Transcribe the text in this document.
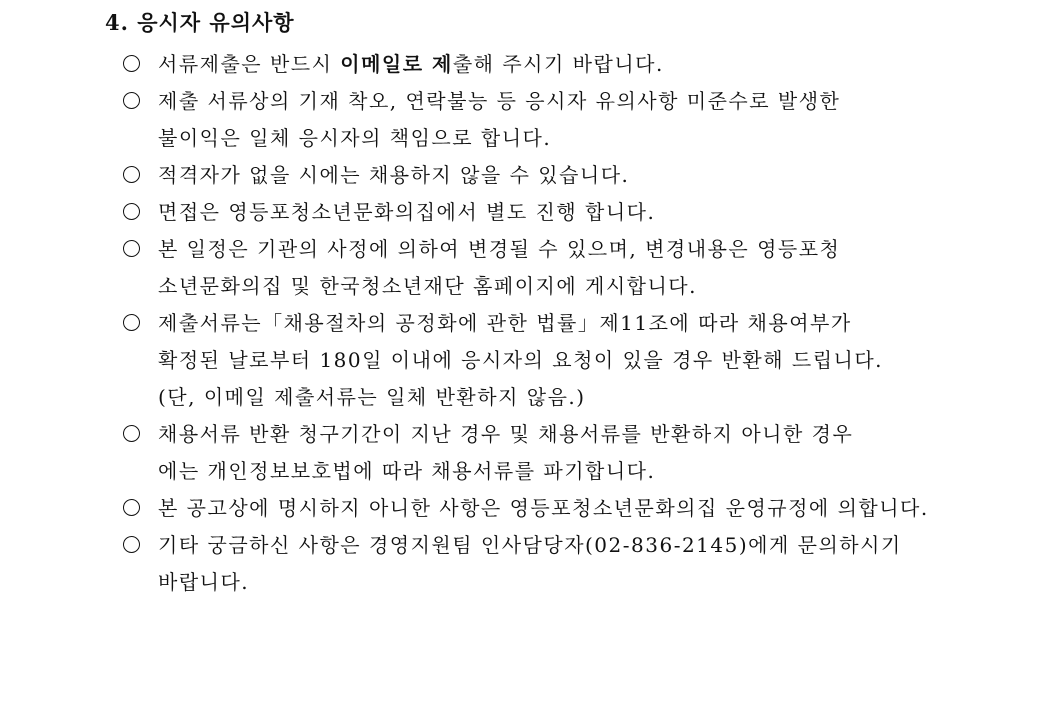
4. 응시자 유의사항
서류제출은 반드시 이메일로 제출해 주시기 바랍니다.
제출 서류상의 기재 착오, 연락불능 등 응시자 유의사항 미준수로 발생한
불이익은 일체 응시자의 책임으로 합니다.
적격자가 없을 시에는 채용하지 않을 수 있습니다.
면접은 영등포청소년문화의집에서 별도 진행 합니다.
본 일정은 기관의 사정에 의하여 변경될 수 있으며, 변경내용은 영등포청
소년문화의집 및 한국청소년재단 홈페이지에 게시합니다.
제출서류는「채용절차의 공정화에 관한 법률」제11조에 따라 채용여부가
확정된 날로부터 180일 이내에 응시자의 요청이 있을 경우 반환해 드립니다.
(단, 이메일 제출서류는 일체 반환하지 않음.)
채용서류 반환 청구기간이 지난 경우 및 채용서류를 반환하지 아니한 경우
에는 개인정보보호법에 따라 채용서류를 파기합니다.
본 공고상에 명시하지 아니한 사항은 영등포청소년문화의집 운영규정에 의합니다.
기타 궁금하신 사항은 경영지원팀 인사담당자(02-836-2145)에게 문의하시기
바랍니다.
